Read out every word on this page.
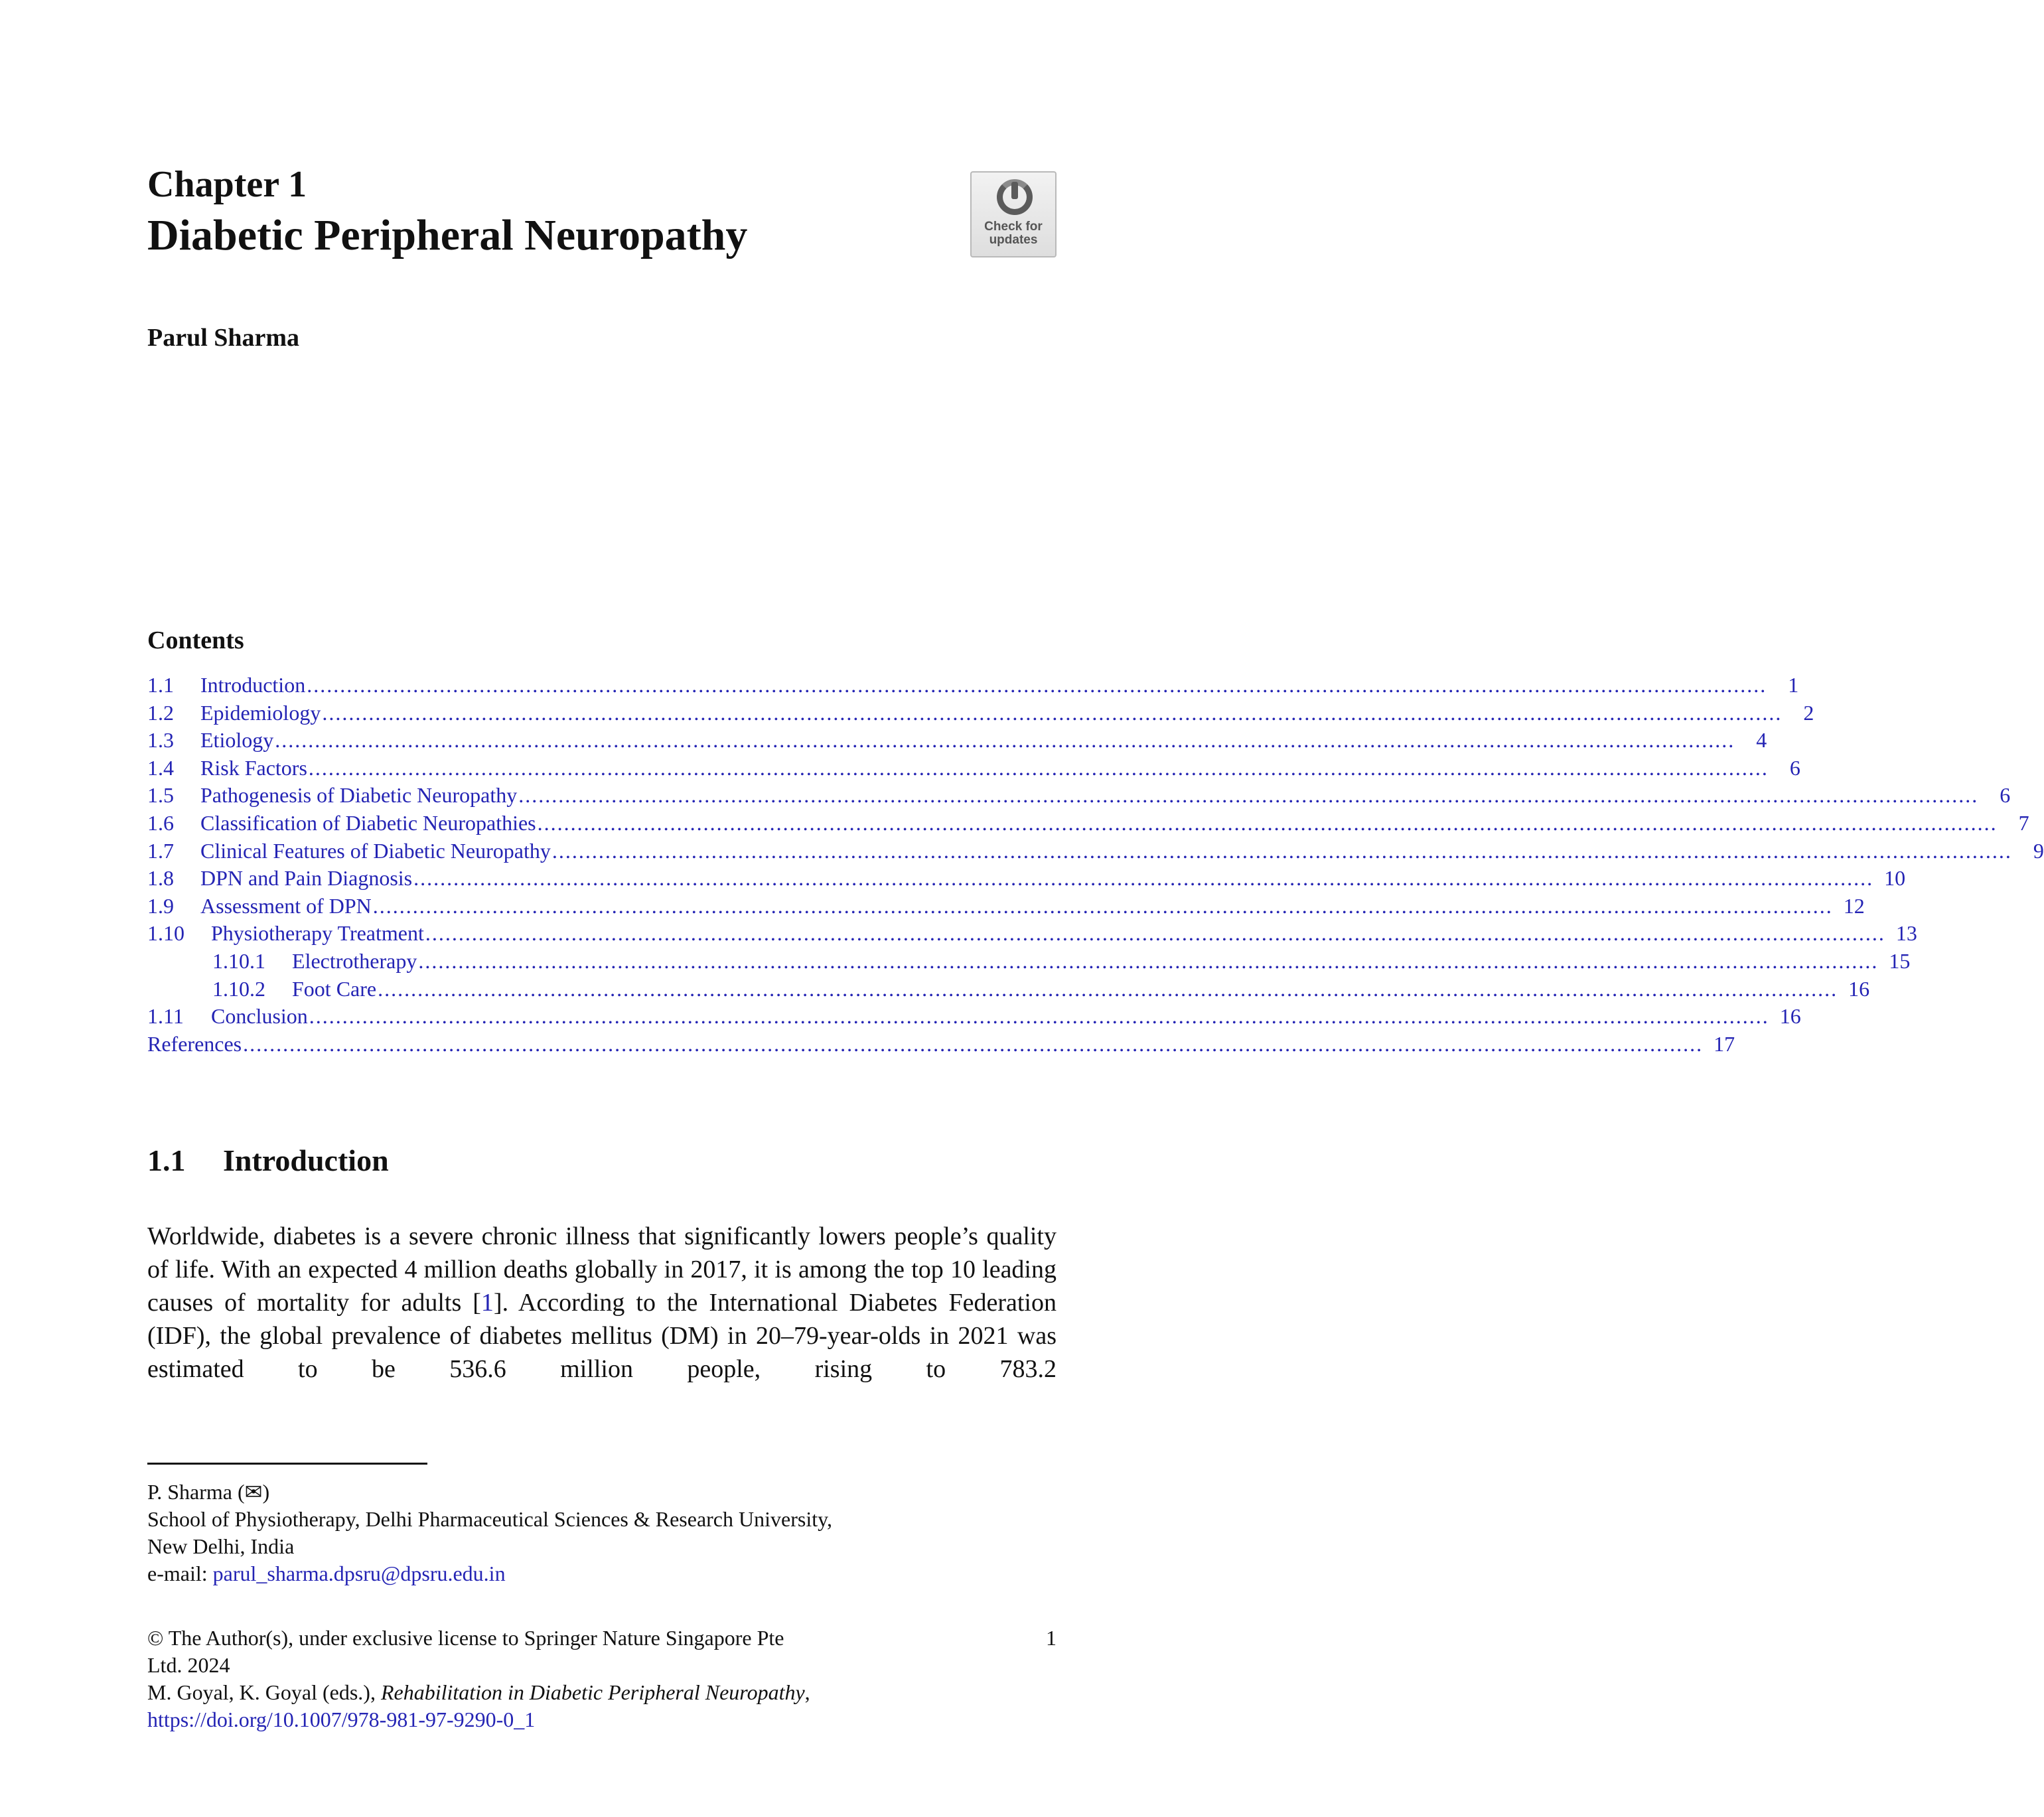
Chapter 1
Diabetic Peripheral Neuropathy	Check for updates
Parul Sharma
Contents
1.1	Introduction ............................................................................................................................................................................................................................	1
1.2	Epidemiology ............................................................................................................................................................................................................................	2
1.3	Etiology ............................................................................................................................................................................................................................	4
1.4	Risk Factors ............................................................................................................................................................................................................................	6
1.5	Pathogenesis of Diabetic Neuropathy ............................................................................................................................................................................................................................	6
1.6	Classification of Diabetic Neuropathies ............................................................................................................................................................................................................................	7
1.7	Clinical Features of Diabetic Neuropathy ............................................................................................................................................................................................................................	9
1.8	DPN and Pain Diagnosis ............................................................................................................................................................................................................................ 10
1.9	Assessment of DPN ............................................................................................................................................................................................................................ 12
1.10	Physiotherapy Treatment ............................................................................................................................................................................................................................ 13
1.10.1	Electrotherapy ............................................................................................................................................................................................................................ 15
1.10.2	Foot Care ............................................................................................................................................................................................................................ 16
1.11	Conclusion ............................................................................................................................................................................................................................ 16
References ............................................................................................................................................................................................................................ 17
1.1	Introduction
Worldwide, diabetes is a severe chronic illness that significantly lowers people’s quality of life. With an expected 4 million deaths globally in 2017, it is among the top 10 leading causes of mortality for adults [1]. According to the International Diabetes Federation (IDF), the global prevalence of diabetes mellitus (DM) in 20–79-year-olds in 2021 was estimated to be 536.6 million people, rising to 783.2
P. Sharma (✉)
School of Physiotherapy, Delhi Pharmaceutical Sciences & Research University,
New Delhi, India
e-mail: parul_sharma.dpsru@dpsru.edu.in
© The Author(s), under exclusive license to Springer Nature Singapore Pte
Ltd. 2024
M. Goyal, K. Goyal (eds.), Rehabilitation in Diabetic Peripheral Neuropathy,
https://doi.org/10.1007/978-981-97-9290-0_1
1
